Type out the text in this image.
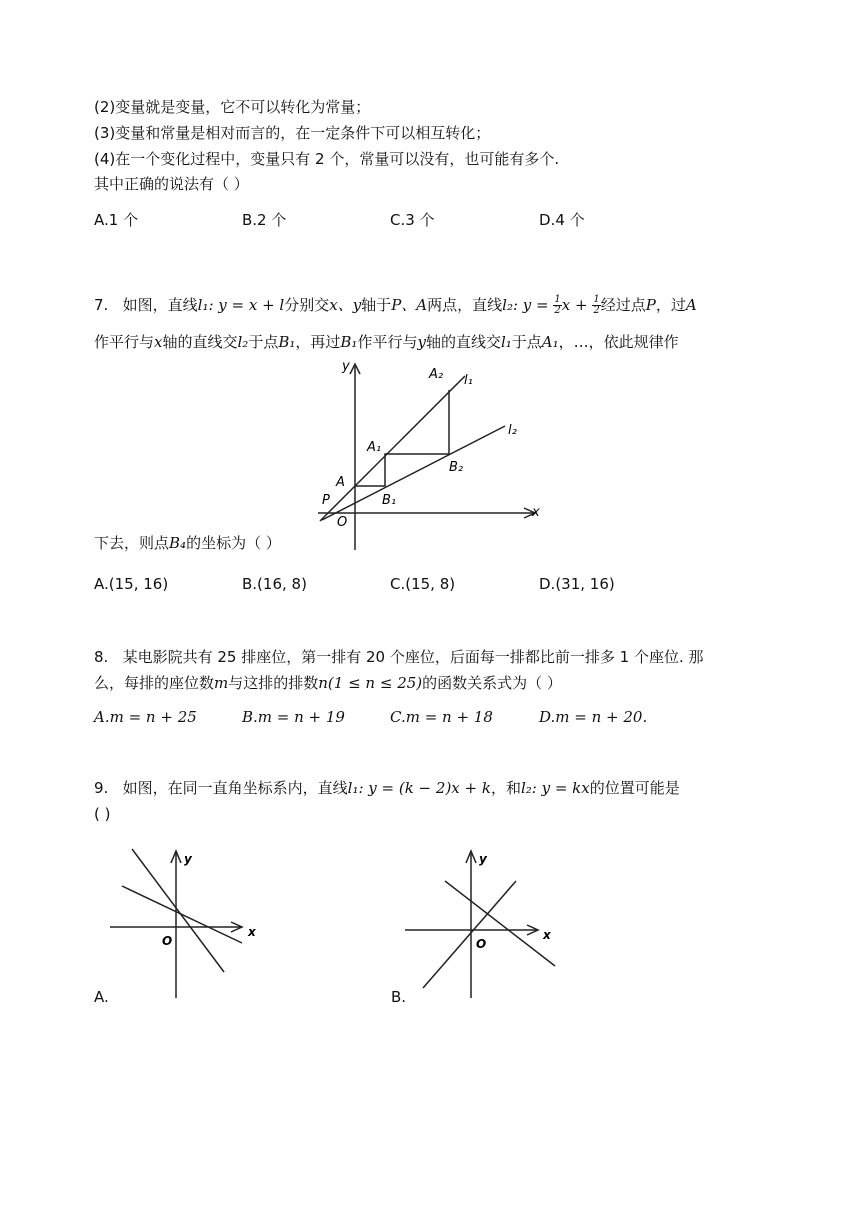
(2)变量就是变量，它不可以转化为常量；
(3)变量和常量是相对而言的，在一定条件下可以相互转化；
(4)在一个变化过程中，变量只有 2 个，常量可以没有，也可能有多个.
其中正确的说法有（ ）
A.1 个	B.2 个	C.3 个	D.4 个
7. 如图，直线l₁: y = x + l分别交x、y轴于P、A两点，直线l₂: $y = \frac{1}{2}$ $x + \frac{1}{2}$ 经过点P，过A
作平行与x轴的直线交l₂于点B₁，再过B₁作平行与y轴的直线交l₁于点A₁，…，依此规律作
y
x
A₂ l₁
l₂
A₁
B₂
A
P	B₁
O
下去，则点B₄的坐标为（ ）
A.(15, 16)	B.(16, 8)	C.(15, 8)	D.(31, 16)
8. 某电影院共有 25 排座位，第一排有 20 个座位，后面每一排都比前一排多 1 个座位. 那
么，每排的座位数m与这排的排数n(1 ≤ n ≤ 25)的函数关系式为（ ）
A.m = n + 25	B.m = n + 19	C.m = n + 18	D.m = n + 20.
9. 如图，在同一直角坐标系内，直线l₁: y = (k − 2)x + k，和l₂: y = kx的位置可能是
( )
y
x
O
A.
y
x
O
B.
